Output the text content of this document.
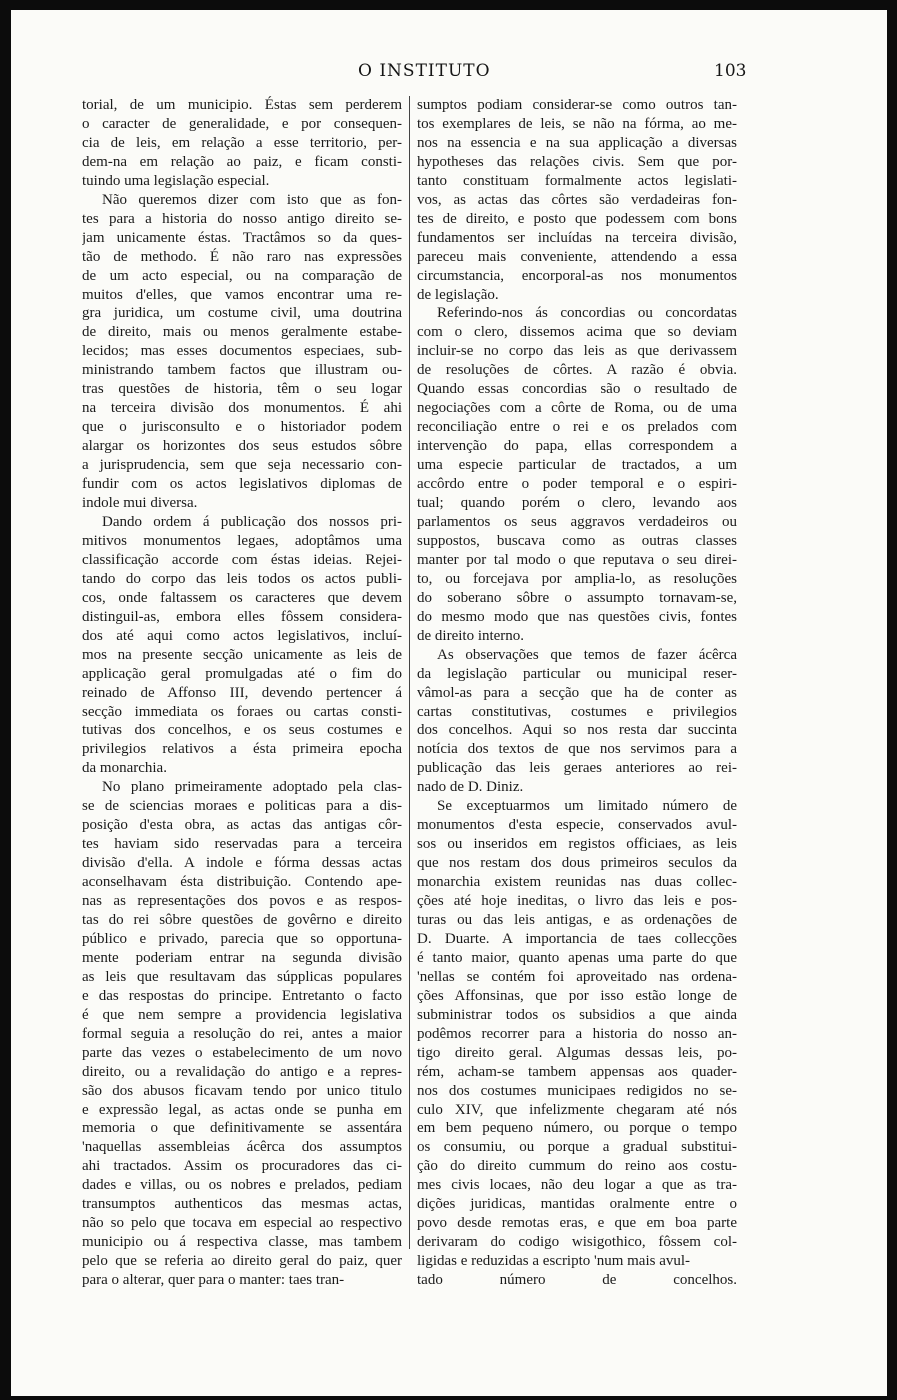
O INSTITUTO	103
torial, de um municipio. Éstas sem perderem
o caracter de generalidade, e por consequen-
cia de leis, em relação a esse territorio, per-
dem-na em relação ao paiz, e ficam consti-
tuindo uma legislação especial.
Não queremos dizer com isto que as fon-
tes para a historia do nosso antigo direito se-
jam unicamente éstas. Tractâmos so da ques-
tão de methodo. É não raro nas expressões
de um acto especial, ou na comparação de
muitos d'elles, que vamos encontrar uma re-
gra juridica, um costume civil, uma doutrina
de direito, mais ou menos geralmente estabe-
lecidos; mas esses documentos especiaes, sub-
ministrando tambem factos que illustram ou-
tras questões de historia, têm o seu logar
na terceira divisão dos monumentos. É ahi
que o jurisconsulto e o historiador podem
alargar os horizontes dos seus estudos sôbre
a jurisprudencia, sem que seja necessario con-
fundir com os actos legislativos diplomas de
indole mui diversa.
Dando ordem á publicação dos nossos pri-
mitivos monumentos legaes, adoptâmos uma
classificação accorde com éstas ideias. Rejei-
tando do corpo das leis todos os actos publi-
cos, onde faltassem os caracteres que devem
distinguil-as, embora elles fôssem considera-
dos até aqui como actos legislativos, incluí-
mos na presente secção unicamente as leis de
applicação geral promulgadas até o fim do
reinado de Affonso III, devendo pertencer á
secção immediata os foraes ou cartas consti-
tutivas dos concelhos, e os seus costumes e
privilegios relativos a ésta primeira epocha
da monarchia.
No plano primeiramente adoptado pela clas-
se de sciencias moraes e politicas para a dis-
posição d'esta obra, as actas das antigas côr-
tes haviam sido reservadas para a terceira
divisão d'ella. A indole e fórma dessas actas
aconselhavam ésta distribuição. Contendo ape-
nas as representações dos povos e as respos-
tas do rei sôbre questões de govêrno e direito
público e privado, parecia que so opportuna-
mente poderiam entrar na segunda divisão
as leis que resultavam das súpplicas populares
e das respostas do principe. Entretanto o facto
é que nem sempre a providencia legislativa
formal seguia a resolução do rei, antes a maior
parte das vezes o estabelecimento de um novo
direito, ou a revalidação do antigo e a repres-
são dos abusos ficavam tendo por unico titulo
e expressão legal, as actas onde se punha em
memoria o que definitivamente se assentára
'naquellas assembleias ácêrca dos assumptos
ahi tractados. Assim os procuradores das ci-
dades e villas, ou os nobres e prelados, pediam
transumptos authenticos das mesmas actas,
não so pelo que tocava em especial ao respectivo
municipio ou á respectiva classe, mas tambem
pelo que se referia ao direito geral do paiz, quer
para o alterar, quer para o manter: taes tran-
sumptos podiam considerar-se como outros tan-
tos exemplares de leis, se não na fórma, ao me-
nos na essencia e na sua applicação a diversas
hypotheses das relações civis. Sem que por-
tanto constituam formalmente actos legislati-
vos, as actas das côrtes são verdadeiras fon-
tes de direito, e posto que podessem com bons
fundamentos ser incluídas na terceira divisão,
pareceu mais conveniente, attendendo a essa
circumstancia, encorporal-as nos monumentos
de legislação.
Referindo-nos ás concordias ou concordatas
com o clero, dissemos acima que so deviam
incluir-se no corpo das leis as que derivassem
de resoluções de côrtes. A razão é obvia.
Quando essas concordias são o resultado de
negociações com a côrte de Roma, ou de uma
reconciliação entre o rei e os prelados com
intervenção do papa, ellas correspondem a
uma especie particular de tractados, a um
accôrdo entre o poder temporal e o espiri-
tual; quando porém o clero, levando aos
parlamentos os seus aggravos verdadeiros ou
suppostos, buscava como as outras classes
manter por tal modo o que reputava o seu direi-
to, ou forcejava por amplia-lo, as resoluções
do soberano sôbre o assumpto tornavam-se,
do mesmo modo que nas questões civis, fontes
de direito interno.
As observações que temos de fazer ácêrca
da legislação particular ou municipal reser-
vâmol-as para a secção que ha de conter as
cartas constitutivas, costumes e privilegios
dos concelhos. Aqui so nos resta dar succinta
notícia dos textos de que nos servimos para a
publicação das leis geraes anteriores ao rei-
nado de D. Diniz.
Se exceptuarmos um limitado número de
monumentos d'esta especie, conservados avul-
sos ou inseridos em registos officiaes, as leis
que nos restam dos dous primeiros seculos da
monarchia existem reunidas nas duas collec-
ções até hoje ineditas, o livro das leis e pos-
turas ou das leis antigas, e as ordenações de
D. Duarte. A importancia de taes collecções
é tanto maior, quanto apenas uma parte do que
'nellas se contém foi aproveitado nas ordena-
ções Affonsinas, que por isso estão longe de
subministrar todos os subsidios a que ainda
podêmos recorrer para a historia do nosso an-
tigo direito geral. Algumas dessas leis, po-
rém, acham-se tambem appensas aos quader-
nos dos costumes municipaes redigidos no se-
culo XIV, que infelizmente chegaram até nós
em bem pequeno número, ou porque o tempo
os consumiu, ou porque a gradual substitui-
ção do direito cummum do reino aos costu-
mes civis locaes, não deu logar a que as tra-
dições juridicas, mantidas oralmente entre o
povo desde remotas eras, e que em boa parte
derivaram do codigo wisigothico, fôssem col-
ligidas e reduzidas a escripto 'num mais avul-
tado número de concelhos.
